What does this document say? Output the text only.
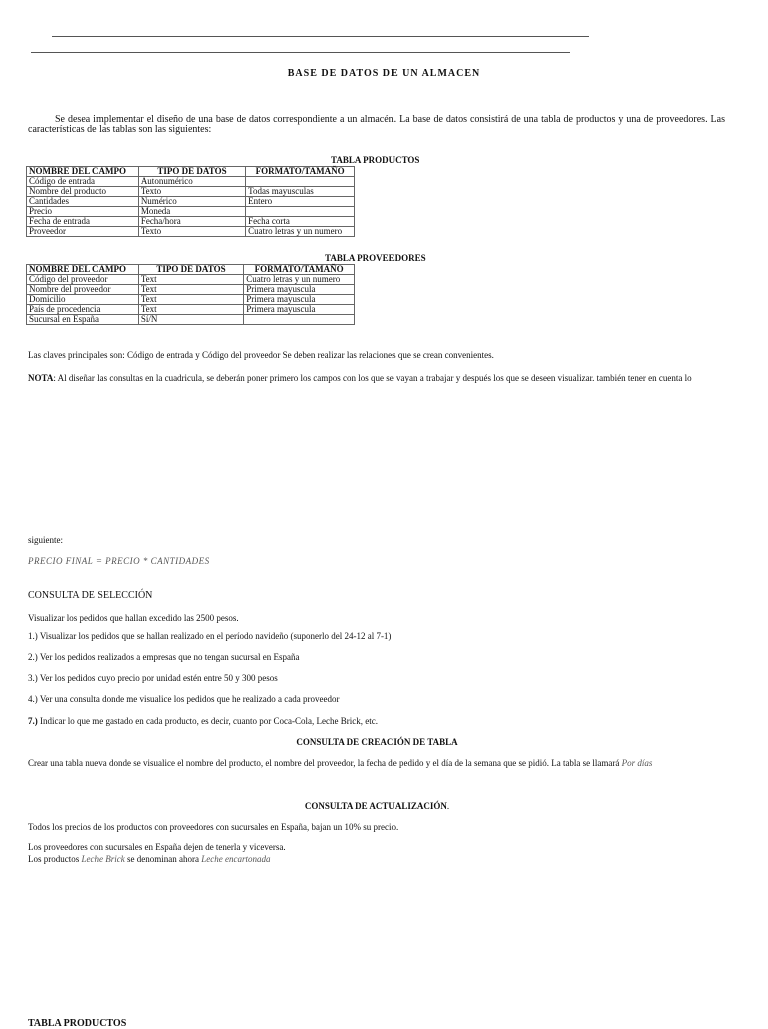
BASE DE DATOS DE UN ALMACEN
Se desea implementar el diseño de una base de datos correspondiente a un almacén. La base de datos consistirá de una tabla de productos y una de proveedores. Las
características de las tablas son las siguientes:
TABLA PRODUCTOS
NOMBRE DEL CAMPO	TIPO DE DATOS	FORMATO/TAMAÑO
Código de entrada	Autonumérico	
Nombre del producto	Texto	Todas mayusculas
Cantidades	Numérico	Entero
Precio	Moneda	
Fecha de entrada	Fecha/hora	Fecha corta
Proveedor	Texto	Cuatro letras y un numero
TABLA PROVEEDORES
NOMBRE DEL CAMPO	TIPO DE DATOS	FORMATO/TAMAÑO
Código del proveedor	Text	Cuatro letras y un numero
Nombre del proveedor	Text	Primera mayuscula
Domicilio	Text	Primera mayuscula
País de procedencia	Text	Primera mayuscula
Sucursal en España	Sí/N	
Las claves principales son: Código de entrada y Código del proveedor Se deben realizar las relaciones que se crean convenientes.
NOTA: Al diseñar las consultas en la cuadricula, se deberán poner primero los campos con los que se vayan a trabajar y después los que se deseen visualizar. también tener en cuenta lo
siguiente:
PRECIO FINAL = PRECIO * CANTIDADES
CONSULTA DE SELECCIÓN
Visualizar los pedidos que hallan excedido las 2500 pesos.
1.) Visualizar los pedidos que se hallan realizado en el período navideño (suponerlo del 24-12 al 7-1)
2.) Ver los pedidos realizados a empresas que no tengan sucursal en España
3.) Ver los pedidos cuyo precio por unidad estén entre 50 y 300 pesos
4.) Ver una consulta donde me visualice los pedidos que he realizado a cada proveedor
7.) Indicar lo que me gastado en cada producto, es decir, cuanto por Coca-Cola, Leche Brick, etc.
CONSULTA DE CREACIÓN DE TABLA
Crear una tabla nueva donde se visualice el nombre del producto, el nombre del proveedor, la fecha de pedido y el día de la semana que se pidió. La tabla se llamará Por días
CONSULTA DE ACTUALIZACIÓN.
Todos los precios de los productos con proveedores con sucursales en España, bajan un 10% su precio.
Los proveedores con sucursales en España dejen de tenerla y viceversa.
Los productos Leche Brick se denominan ahora Leche encartonada
TABLA PRODUCTOS
